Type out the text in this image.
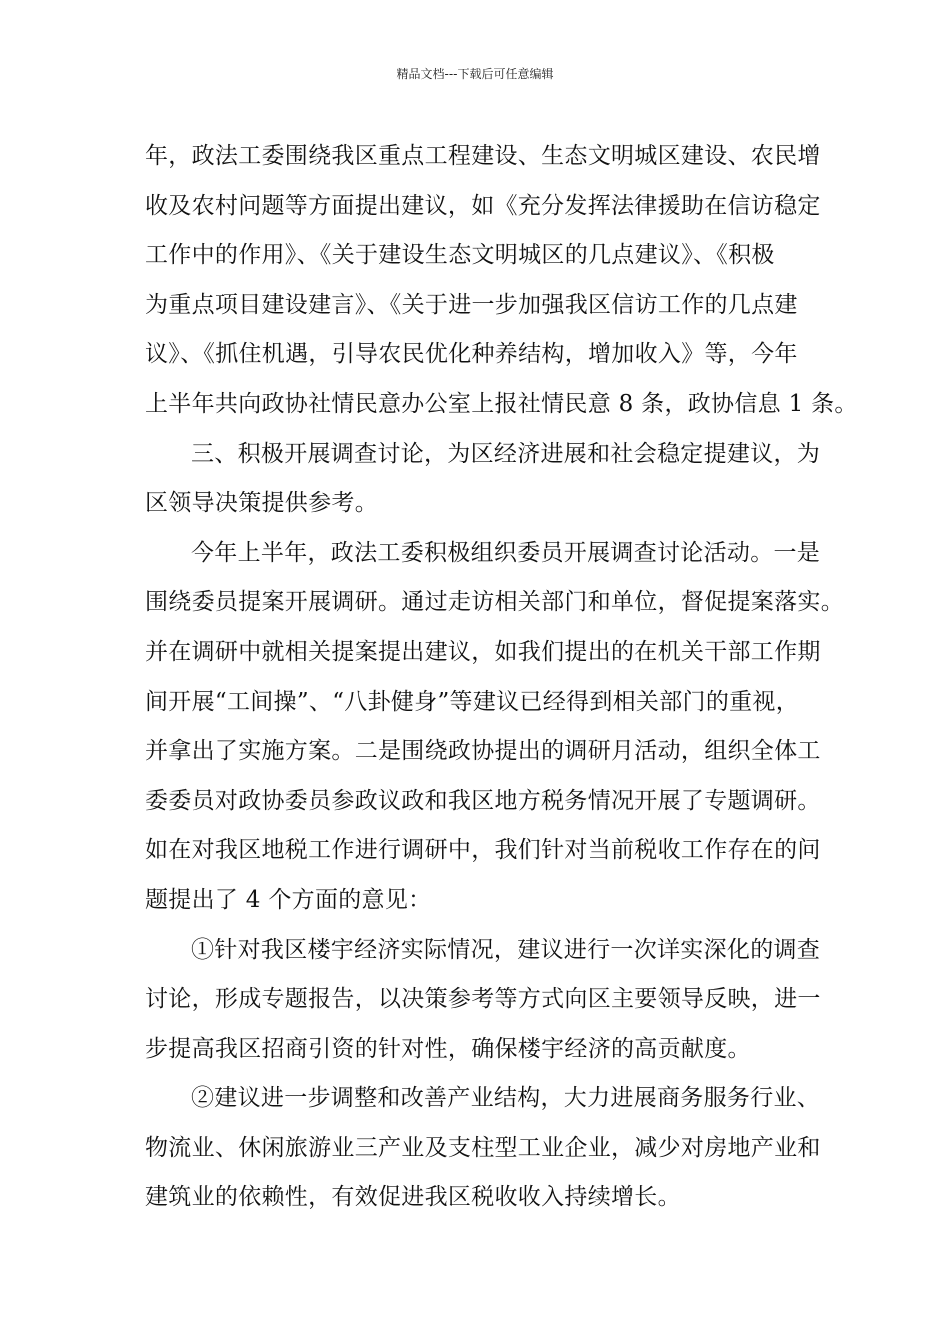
精品文档---下载后可任意编辑
年，政法工委围绕我区重点工程建设、生态文明城区建设、农民增
收及农村问题等方面提出建议，如《充分发挥法律援助在信访稳定
工作中的作用》、《关于建设生态文明城区的几点建议》、《积极
为重点项目建设建言》、《关于进一步加强我区信访工作的几点建
议》、《抓住机遇，引导农民优化种养结构，增加收入》等，今年
上半年共向政协社情民意办公室上报社情民意 8 条，政协信息 1 条。
三、积极开展调查讨论，为区经济进展和社会稳定提建议，为
区领导决策提供参考。
今年上半年，政法工委积极组织委员开展调查讨论活动。一是
围绕委员提案开展调研。通过走访相关部门和单位，督促提案落实。
并在调研中就相关提案提出建议，如我们提出的在机关干部工作期
间开展“工间操”、“八卦健身”等建议已经得到相关部门的重视，
并拿出了实施方案。二是围绕政协提出的调研月活动，组织全体工
委委员对政协委员参政议政和我区地方税务情况开展了专题调研。
如在对我区地税工作进行调研中，我们针对当前税收工作存在的问
题提出了 4 个方面的意见：
①针对我区楼宇经济实际情况，建议进行一次详实深化的调查
讨论，形成专题报告，以决策参考等方式向区主要领导反映，进一
步提高我区招商引资的针对性，确保楼宇经济的高贡献度。
②建议进一步调整和改善产业结构，大力进展商务服务行业、
物流业、休闲旅游业三产业及支柱型工业企业，减少对房地产业和
建筑业的依赖性，有效促进我区税收收入持续增长。
